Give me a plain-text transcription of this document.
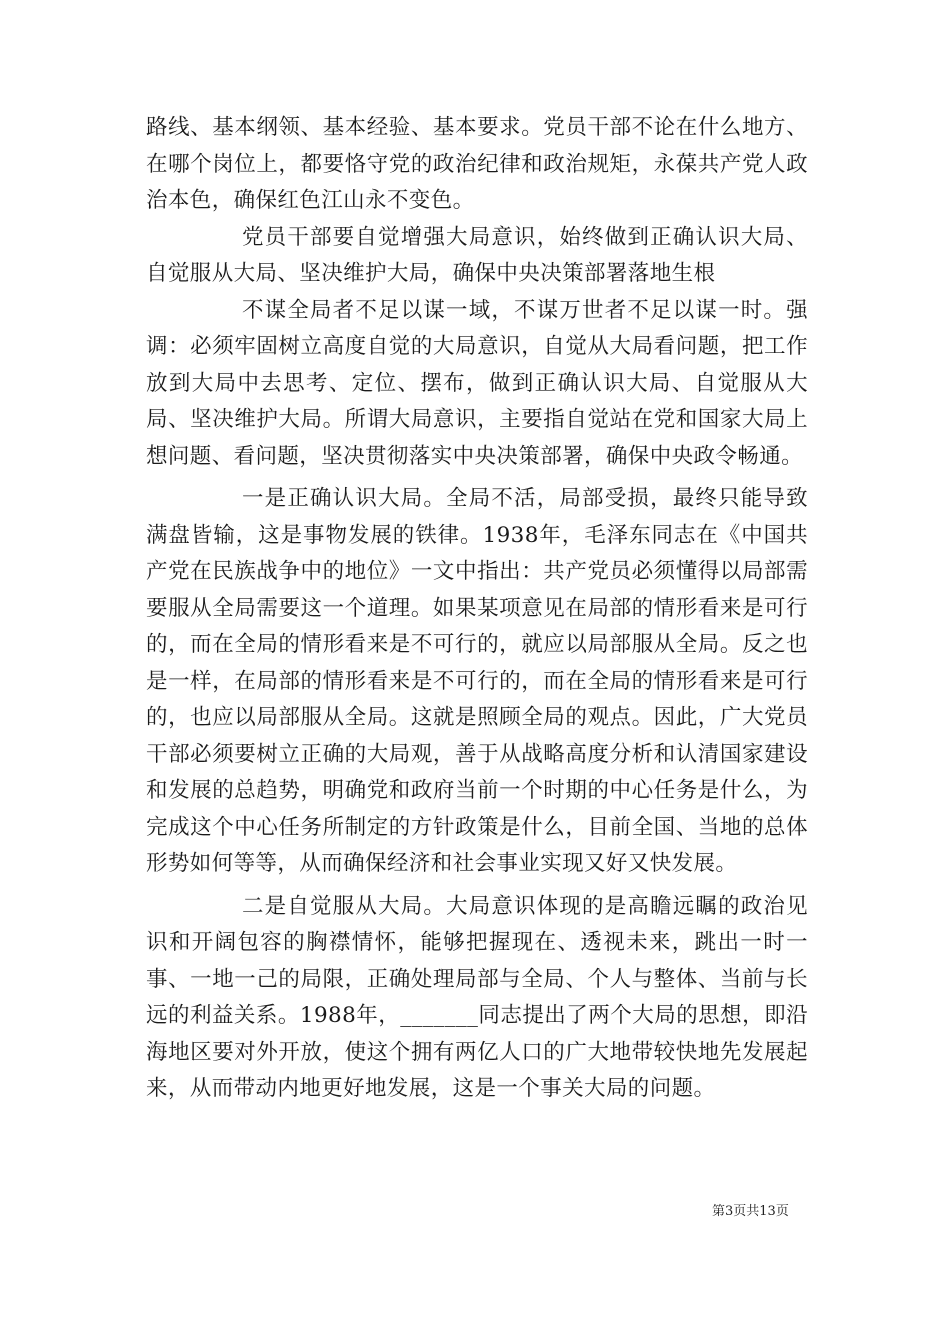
路线、基本纲领、基本经验、基本要求。党员干部不论在什么地方、在哪个岗位上，都要恪守党的政治纪律和政治规矩，永葆共产党人政治本色，确保红色江山永不变色。

党员干部要自觉增强大局意识，始终做到正确认识大局、自觉服从大局、坚决维护大局，确保中央决策部署落地生根

不谋全局者不足以谋一域，不谋万世者不足以谋一时。强调：必须牢固树立高度自觉的大局意识，自觉从大局看问题，把工作放到大局中去思考、定位、摆布，做到正确认识大局、自觉服从大局、坚决维护大局。所谓大局意识，主要指自觉站在党和国家大局上想问题、看问题，坚决贯彻落实中央决策部署，确保中央政令畅通。

一是正确认识大局。全局不活，局部受损，最终只能导致满盘皆输，这是事物发展的铁律。1938年，毛泽东同志在《中国共产党在民族战争中的地位》一文中指出：共产党员必须懂得以局部需要服从全局需要这一个道理。如果某项意见在局部的情形看来是可行的，而在全局的情形看来是不可行的，就应以局部服从全局。反之也是一样，在局部的情形看来是不可行的，而在全局的情形看来是可行的，也应以局部服从全局。这就是照顾全局的观点。因此，广大党员干部必须要树立正确的大局观，善于从战略高度分析和认清国家建设和发展的总趋势，明确党和政府当前一个时期的中心任务是什么，为完成这个中心任务所制定的方针政策是什么，目前全国、当地的总体形势如何等等，从而确保经济和社会事业实现又好又快发展。

二是自觉服从大局。大局意识体现的是高瞻远瞩的政治见识和开阔包容的胸襟情怀，能够把握现在、透视未来，跳出一时一事、一地一己的局限，正确处理局部与全局、个人与整体、当前与长远的利益关系。1988年，_______同志提出了两个大局的思想，即沿海地区要对外开放，使这个拥有两亿人口的广大地带较快地先发展起来，从而带动内地更好地发展，这是一个事关大局的问题。

第3页共13页
